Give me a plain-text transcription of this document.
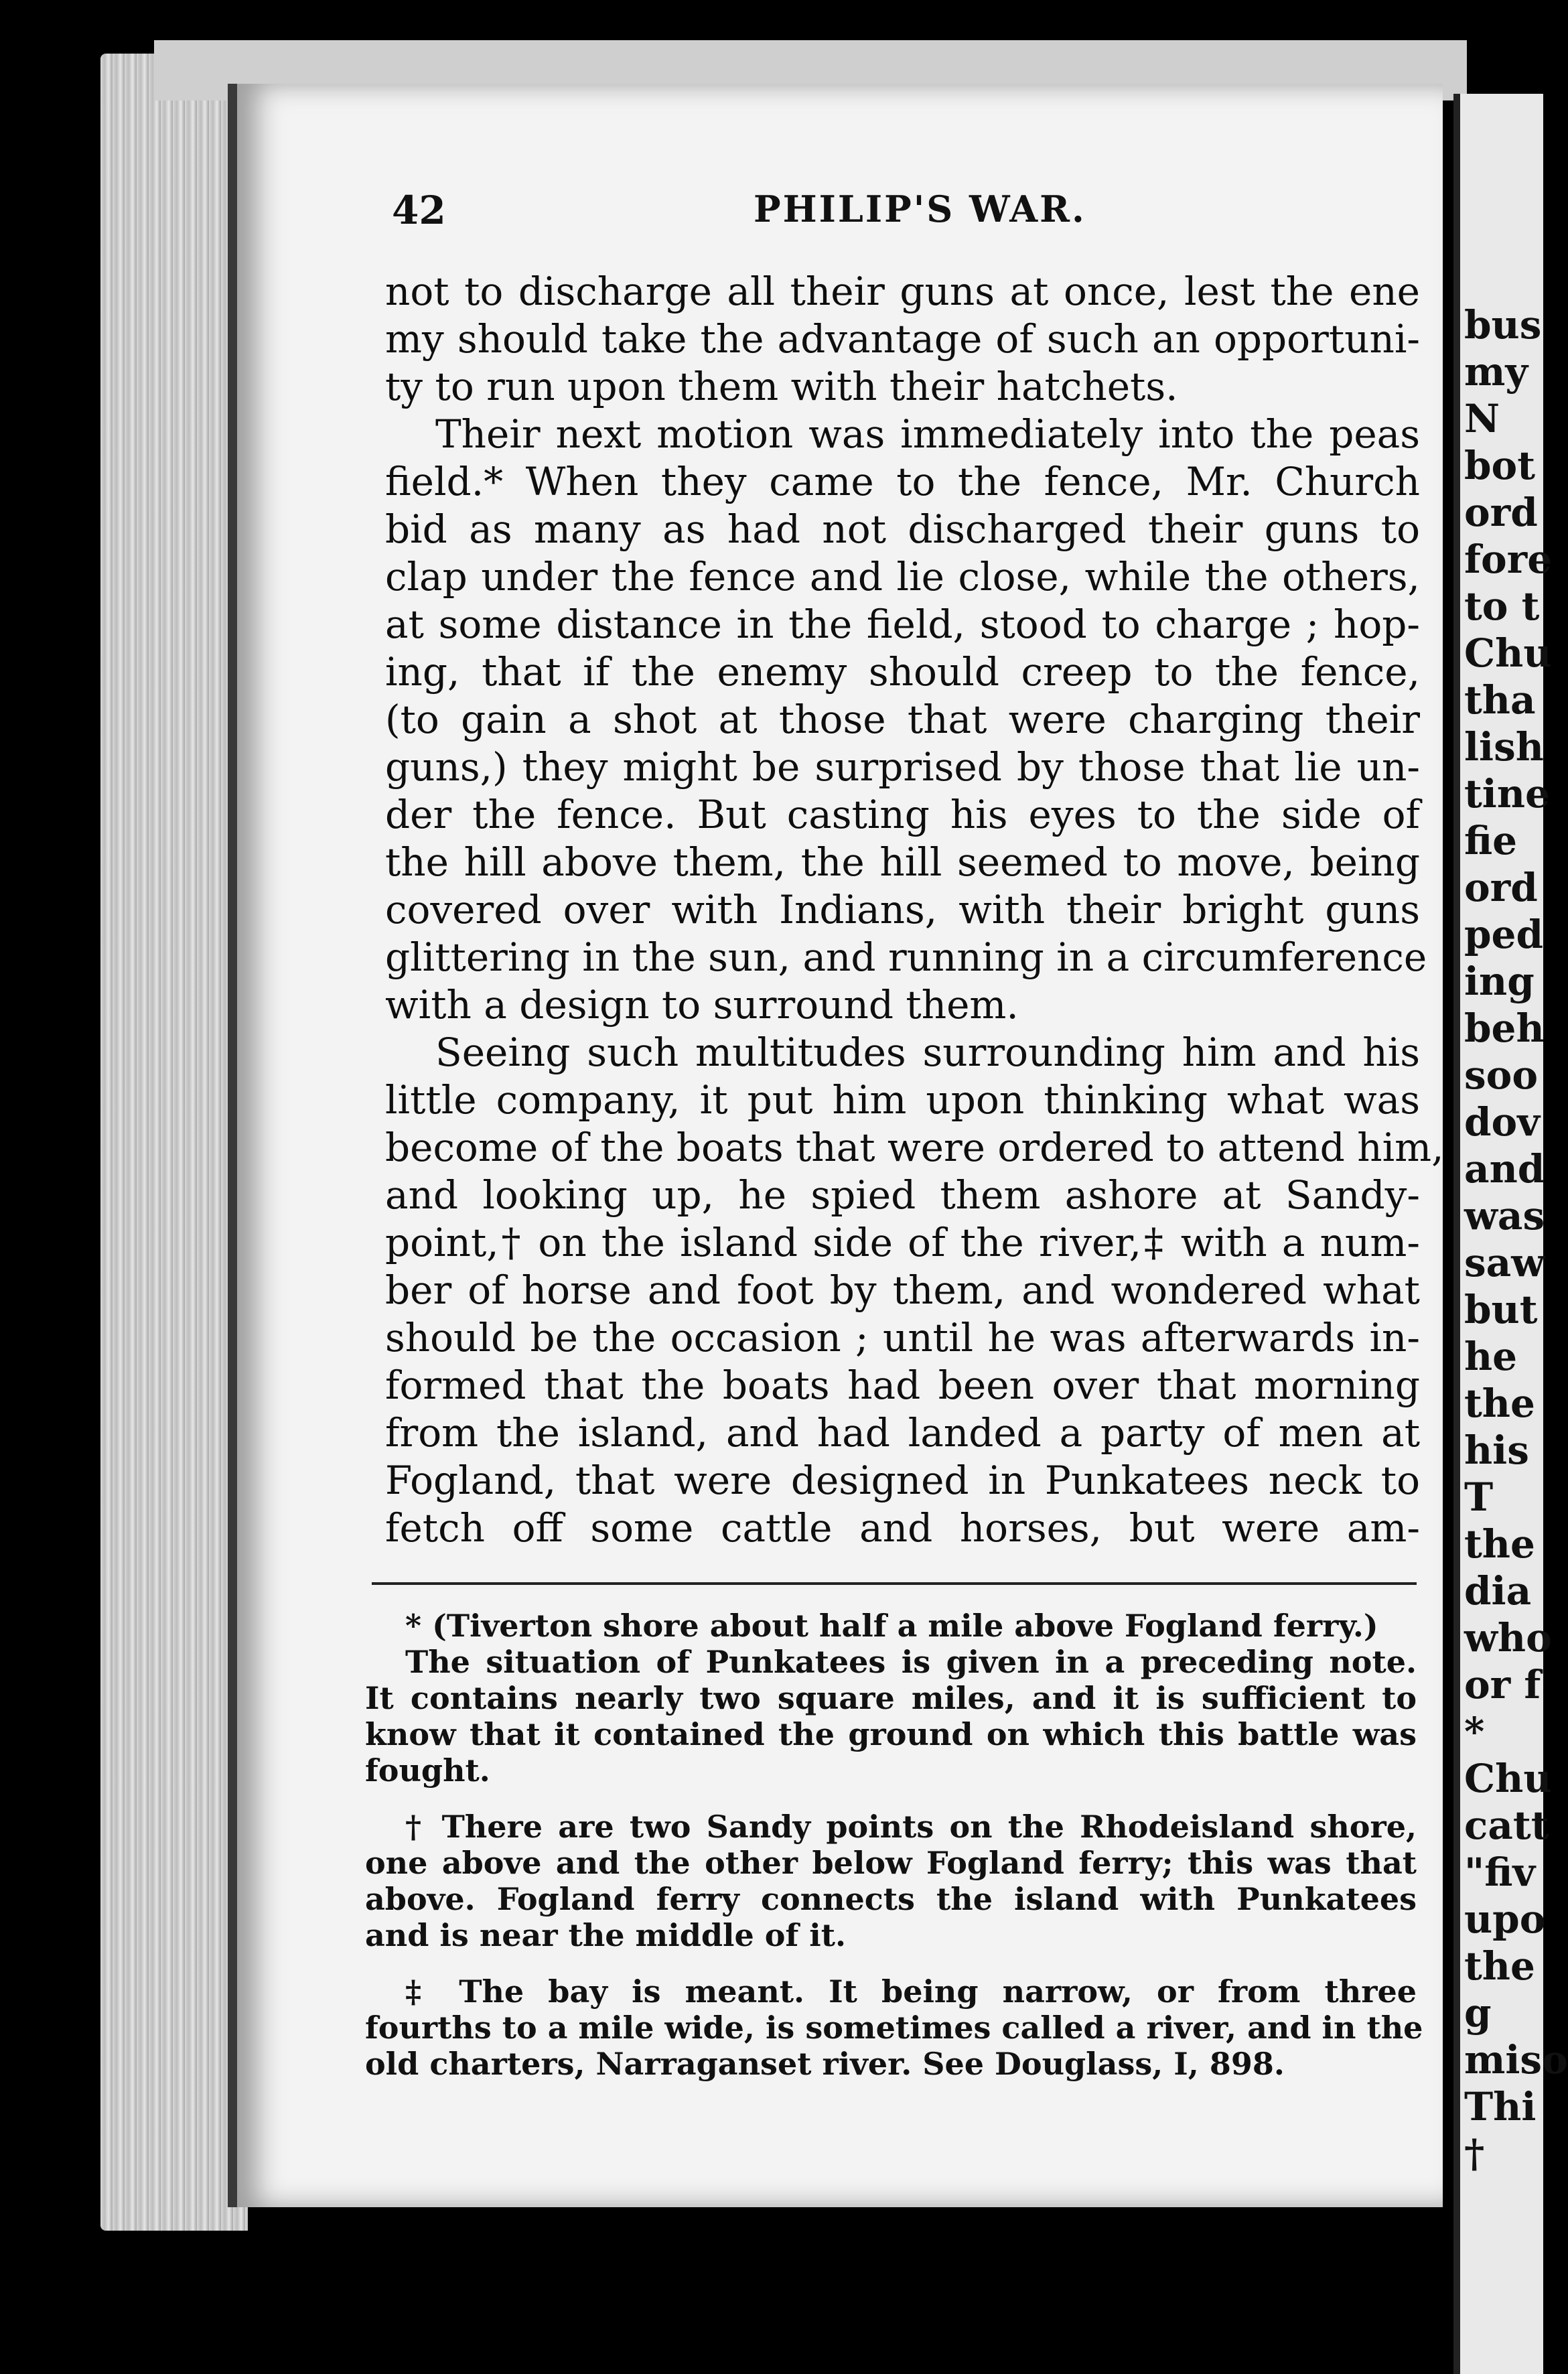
bus
my
N
bot
ord
fore
to t
Chu
tha
lish
tine
fie
ord
ped
ing
beh
soo
dov
and
was
saw
but
he
the
his
T
the
dia
who
or f
*
Chu
catt
"fiv
upo
the
g
miso
Thi
†
42	PHILIP'S WAR.
not to discharge all their guns at once, lest the ene
my should take the advantage of such an opportuni-
ty to run upon them with their hatchets.
Their next motion was immediately into the peas
field.* When they came to the fence, Mr. Church
bid as many as had not discharged their guns to
clap under the fence and lie close, while the others,
at some distance in the field, stood to charge ; hop-
ing, that if the enemy should creep to the fence,
(to gain a shot at those that were charging their
guns,) they might be surprised by those that lie un-
der the fence. But casting his eyes to the side of
the hill above them, the hill seemed to move, being
covered over with Indians, with their bright guns
glittering in the sun, and running in a circumference
with a design to surround them.
Seeing such multitudes surrounding him and his
little company, it put him upon thinking what was
become of the boats that were ordered to attend him,
and looking up, he spied them ashore at Sandy-
point,† on the island side of the river,‡ with a num-
ber of horse and foot by them, and wondered what
should be the occasion ; until he was afterwards in-
formed that the boats had been over that morning
from the island, and had landed a party of men at
Fogland, that were designed in Punkatees neck to
fetch off some cattle and horses, but were am-
* (Tiverton shore about half a mile above Fogland ferry.)
The situation of Punkatees is given in a preceding note.
It contains nearly two square miles, and it is sufficient to
know that it contained the ground on which this battle was
fought.
† There are two Sandy points on the Rhodeisland shore,
one above and the other below Fogland ferry; this was that
above. Fogland ferry connects the island with Punkatees
and is near the middle of it.
‡ The bay is meant. It being narrow, or from three
fourths to a mile wide, is sometimes called a river, and in the
old charters, Narraganset river. See Douglass, I, 898.
